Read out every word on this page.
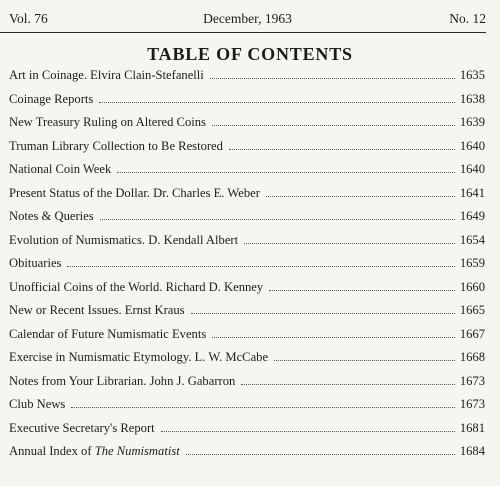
Vol. 76	December, 1963	No. 12
TABLE OF CONTENTS
Art in Coinage. Elvira Clain-Stefanelli	1635
Coinage Reports	1638
New Treasury Ruling on Altered Coins	1639
Truman Library Collection to Be Restored	1640
National Coin Week	1640
Present Status of the Dollar. Dr. Charles E. Weber	1641
Notes & Queries	1649
Evolution of Numismatics. D. Kendall Albert	1654
Obituaries	1659
Unofficial Coins of the World. Richard D. Kenney	1660
New or Recent Issues. Ernst Kraus	1665
Calendar of Future Numismatic Events	1667
Exercise in Numismatic Etymology. L. W. McCabe	1668
Notes from Your Librarian. John J. Gabarron	1673
Club News	1673
Executive Secretary's Report	1681
Annual Index of The Numismatist	1684
